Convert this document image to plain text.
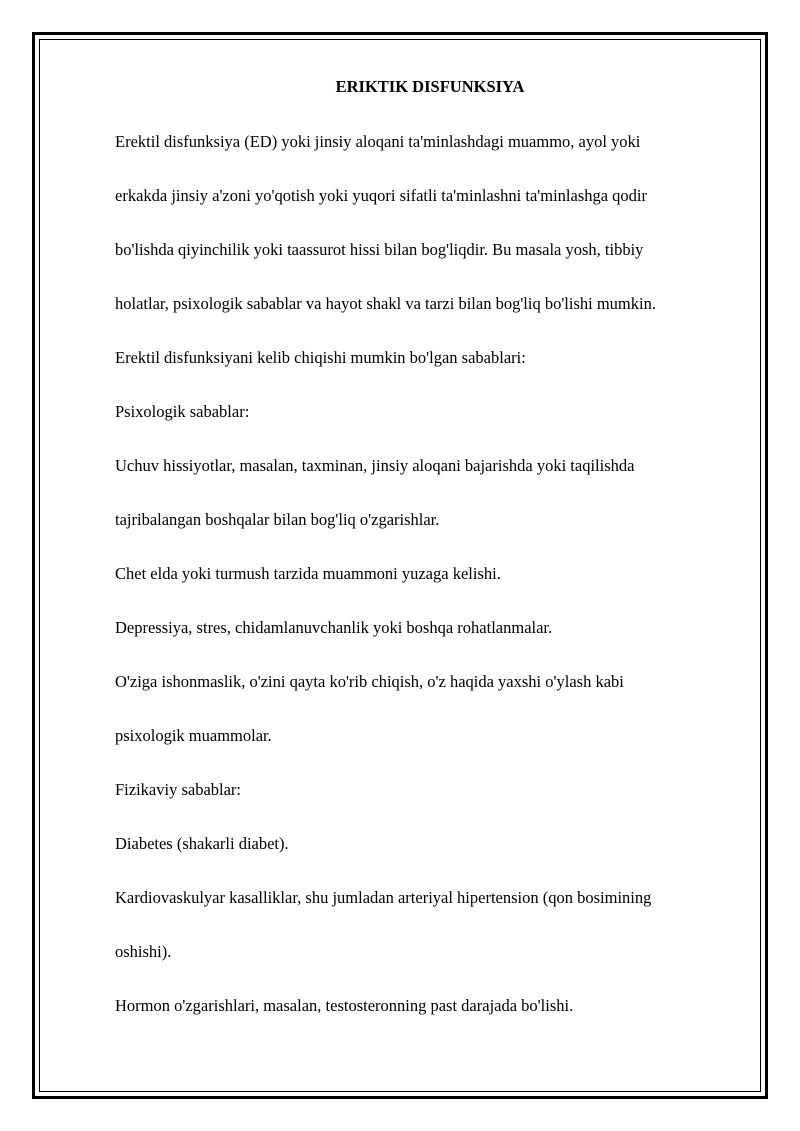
ERIKTIK DISFUNKSIYA
Erektil disfunksiya (ED) yoki jinsiy aloqani ta'minlashdagi muammo, ayol yoki
erkakda jinsiy a'zoni yo'qotish yoki yuqori sifatli ta'minlashni ta'minlashga qodir
bo'lishda qiyinchilik yoki taassurot hissi bilan bog'liqdir. Bu masala yosh, tibbiy
holatlar, psixologik sabablar va hayot shakl va tarzi bilan bog'liq bo'lishi mumkin.
Erektil disfunksiyani kelib chiqishi mumkin bo'lgan sabablari:
Psixologik sabablar:
Uchuv hissiyotlar, masalan, taxminan, jinsiy aloqani bajarishda yoki taqilishda
tajribalangan boshqalar bilan bog'liq o'zgarishlar.
Chet elda yoki turmush tarzida muammoni yuzaga kelishi.
Depressiya, stres, chidamlanuvchanlik yoki boshqa rohatlanmalar.
O'ziga ishonmaslik, o'zini qayta ko'rib chiqish, o'z haqida yaxshi o'ylash kabi
psixologik muammolar.
Fizikaviy sabablar:
Diabetes (shakarli diabet).
Kardiovaskulyar kasalliklar, shu jumladan arteriyal hipertension (qon bosimining
oshishi).
Hormon o'zgarishlari, masalan, testosteronning past darajada bo'lishi.
